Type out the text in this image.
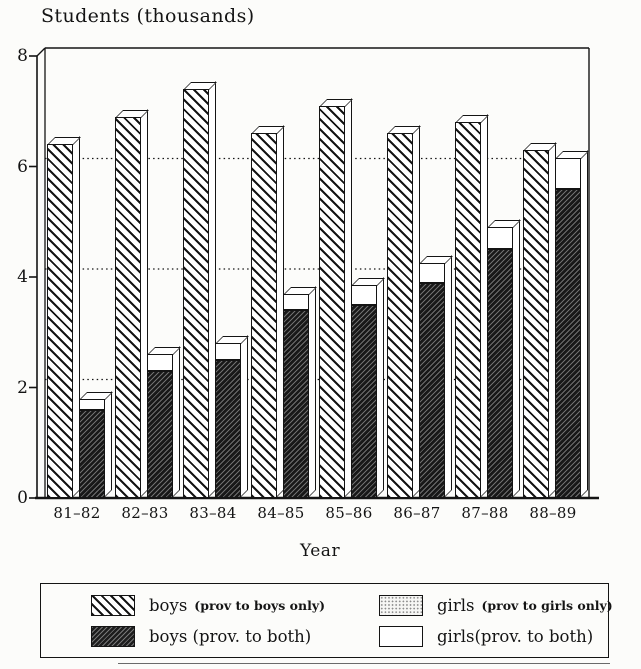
Students (thousands)
0
2
4
6
8
81–82	82–83	83–84	84–85	85–86	86–87	87–88	88–89
Year
boys (prov to boys only)
boys (prov. to both)
girls (prov to girls only)
girls(prov. to both)
